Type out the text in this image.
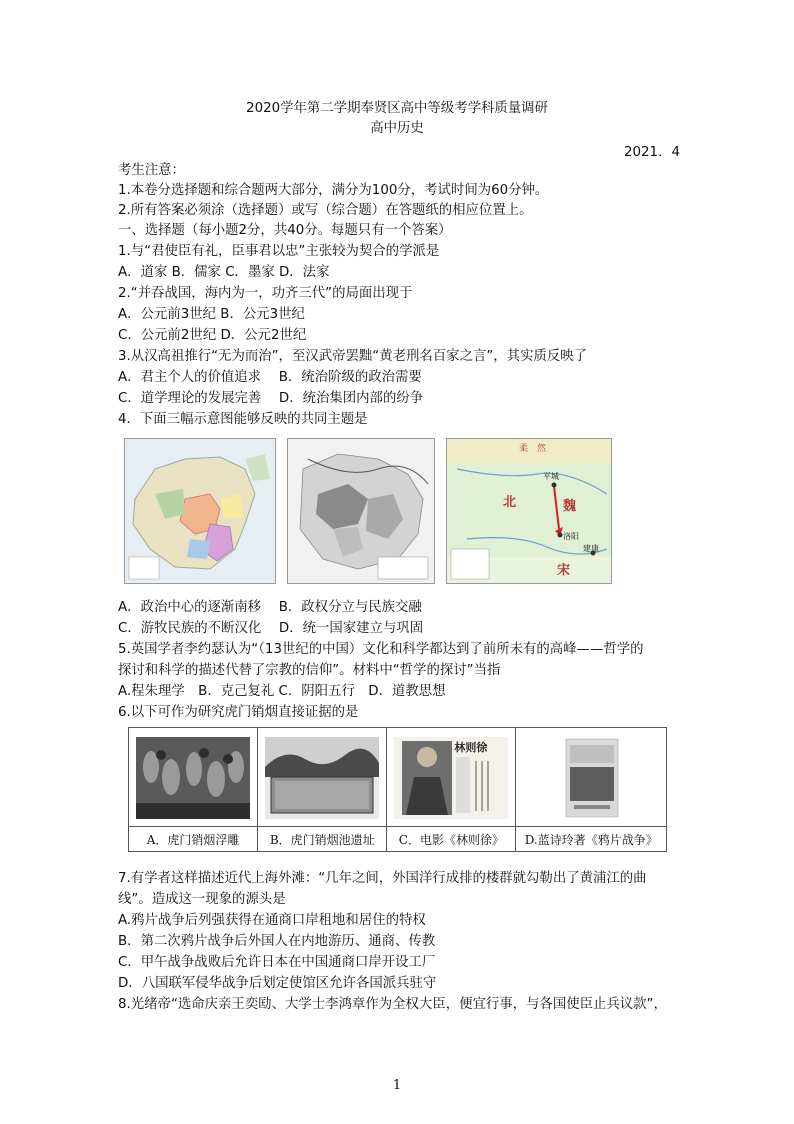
2020学年第二学期奉贤区高中等级考学科质量调研
高中历史
2021．4
考生注意：
1.本卷分选择题和综合题两大部分，满分为100分，考试时间为60分钟。
2.所有答案必须涂（选择题）或写（综合题）在答题纸的相应位置上。
一、选择题（每小题2分，共40分。每题只有一个答案）
1.与“君使臣有礼，臣事君以忠”主张较为契合的学派是
A．道家 B．儒家 C．墨家 D．法家
2.“并吞战国，海内为一，功齐三代”的局面出现于
A．公元前3世纪 B．公元3世纪
C．公元前2世纪 D．公元2世纪
3.从汉高祖推行“无为而治”，至汉武帝罢黜“黄老刑名百家之言”，其实质反映了
A．君主个人的价值追求　 B．统治阶级的政治需要
C．道学理论的发展完善　 D．统治集团内部的纷争
4．下面三幅示意图能够反映的共同主题是
柔　然
北	魏
平城
洛阳
宋
建康
A．政治中心的逐渐南移　 B．政权分立与民族交融
C．游牧民族的不断汉化　 D．统一国家建立与巩固
5.英国学者李约瑟认为“（13世纪的中国）文化和科学都达到了前所未有的高峰——哲学的
探讨和科学的描述代替了宗教的信仰”。材料中“哲学的探讨”当指
A.程朱理学　B．克己复礼 C．阴阳五行　D．道教思想
6.以下可作为研究虎门销烟直接证据的是

林则徐

A．虎门销烟浮雕	B．虎门销烟池遗址	C．电影《林则徐》	D.蓝诗玲著《鸦片战争》
7.有学者这样描述近代上海外滩：“几年之间，外国洋行成排的楼群就勾勒出了黄浦江的曲
线”。造成这一现象的源头是
A.鸦片战争后列强获得在通商口岸租地和居住的特权
B．第二次鸦片战争后外国人在内地游历、通商、传教
C．甲午战争战败后允许日本在中国通商口岸开设工厂
D．八国联军侵华战争后划定使馆区允许各国派兵驻守
8.光绪帝“选命庆亲王奕劻、大学士李鸿章作为全权大臣，便宜行事，与各国使臣止兵议款”，
1
